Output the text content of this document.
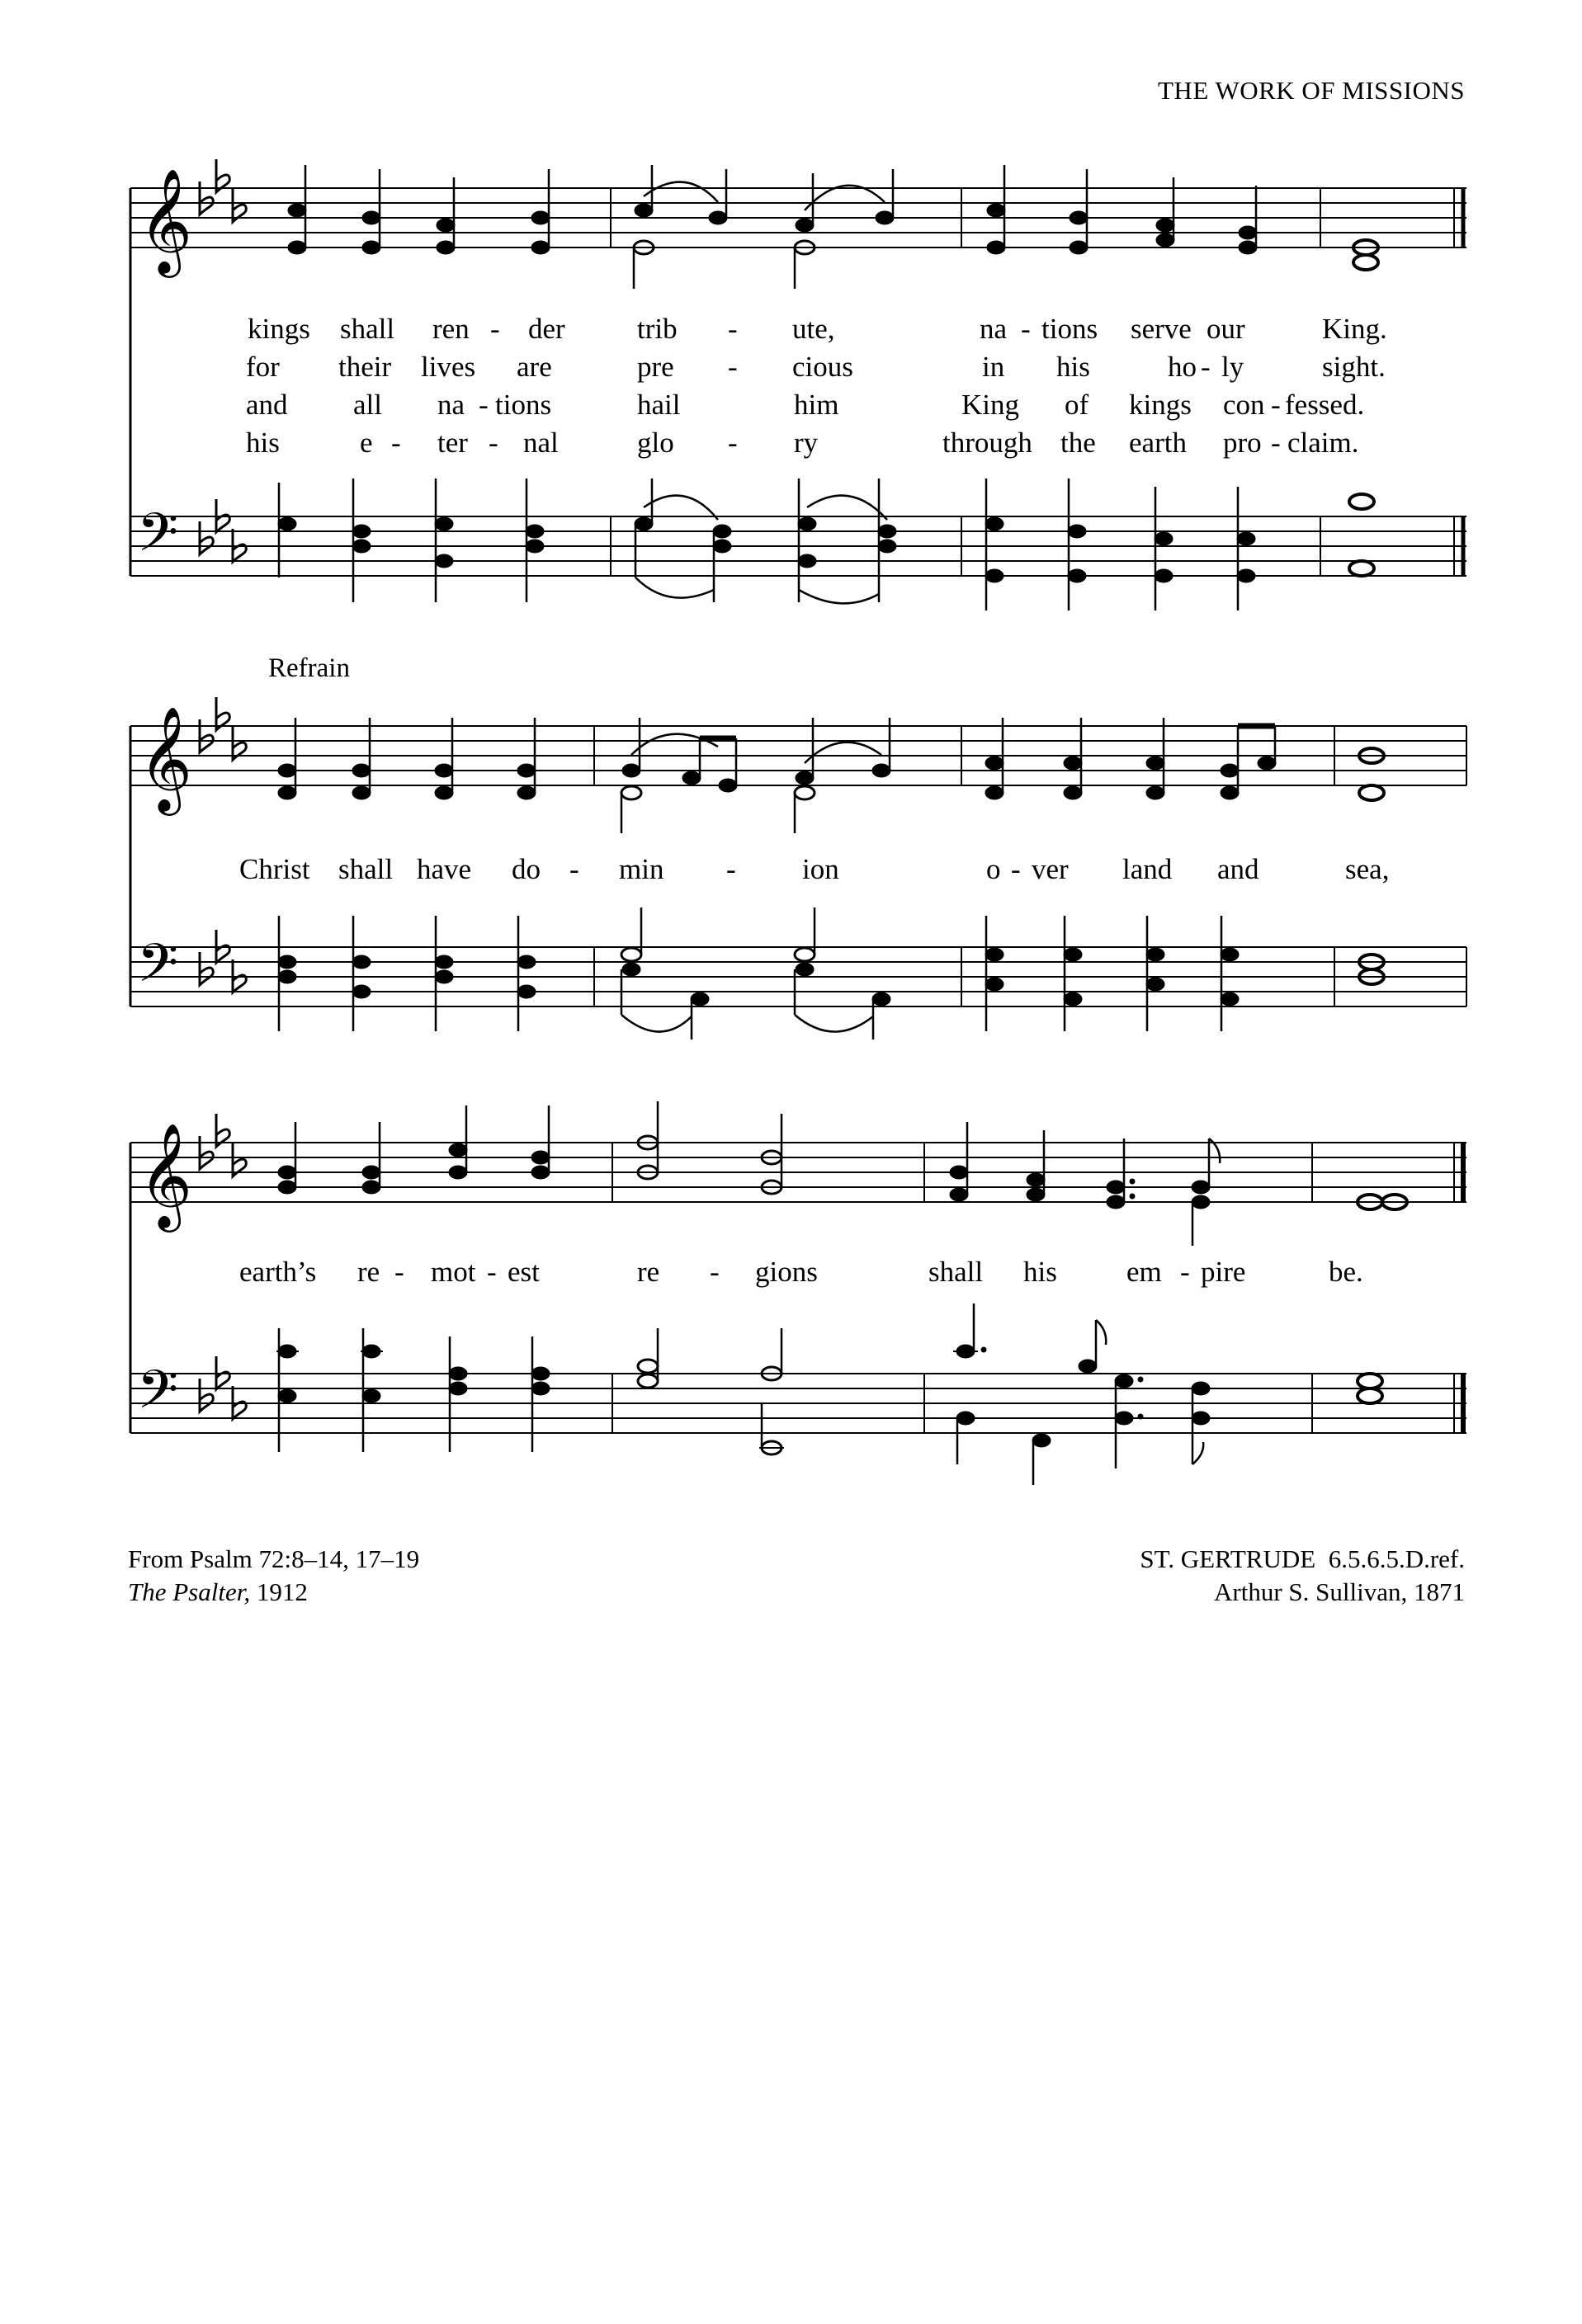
THE WORK OF MISSIONS
𝄞
𝄢
kings shall ren - der trib - ute,	na - tions serve our	King.
for their lives are	pre - cious	in his	ho - ly	sight.
and all na - tions	hail	him	King of kings con - fessed.
his	e - ter - nal	glo - ry	through the earth pro - claim.
Refrain
𝄞
𝄢
Christ shall have do - min - ion	o - ver land and	sea,
𝄞
𝄢
earth’s re - mot - est	re - gions	shall his em - pire	be.
From Psalm 72:8–14, 17–19
The Psalter, 1912
ST. GERTRUDE  6.5.6.5.D.ref.
Arthur S. Sullivan, 1871
